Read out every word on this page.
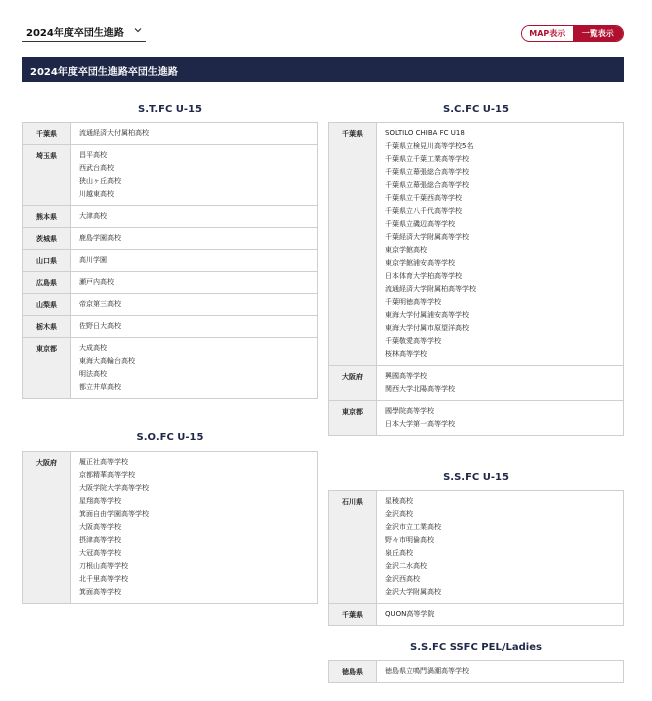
2024年度卒団生進路	MAP表示	一覧表示
2024年度卒団生進路卒団生進路
S.T.FC U-15
千葉県	流通経済大付属柏高校
埼玉県	昌平高校
西武台高校
狭山ヶ丘高校
川越東高校
熊本県	大津高校
茨城県	鹿島学園高校
山口県	高川学園
広島県	瀬戸内高校
山梨県	帝京第三高校
栃木県	佐野日大高校
東京都	大成高校
東海大高輪台高校
明法高校
都立井草高校
S.C.FC U-15
千葉県	SOLTILO CHIBA FC U18
千葉県立検見川高等学校5名
千葉県立千葉工業高等学校
千葉県立幕張総合高等学校
千葉県立幕張総合高等学校
千葉県立千葉西高等学校
千葉県立八千代高等学校
千葉県立磯辺高等学校
千葉経済大学附属高等学校
東京学館高校
東京学館浦安高等学校
日本体育大学柏高等学校
流通経済大学附属柏高等学校
千葉明徳高等学校
東海大学付属浦安高等学校
東海大学付属市原望洋高校
千葉敬愛高等学校
桜林高等学校
大阪府	興國高等学校
関西大学北陽高等学校
東京都	國學院高等学校
日本大学第一高等学校
S.O.FC U-15
大阪府	履正社高等学校
京都精華高等学校
大阪学院大学高等学校
星翔高等学校
箕面自由学園高等学校
大阪高等学校
摂津高等学校
大冠高等学校
刀根山高等学校
北千里高等学校
箕面高等学校
S.S.FC U-15
石川県	星稜高校
金沢高校
金沢市立工業高校
野々市明倫高校
泉丘高校
金沢二水高校
金沢西高校
金沢大学附属高校
千葉県	QUON高等学院
S.S.FC SSFC PEL/Ladies
徳島県	徳島県立鳴門渦潮高等学校
